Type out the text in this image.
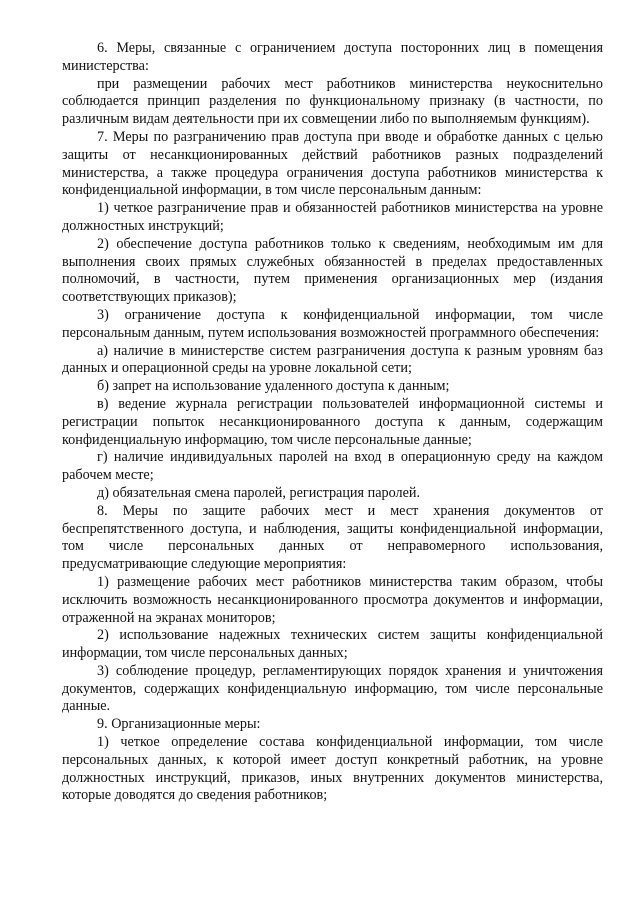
6. Меры, связанные с ограничением доступа посторонних лиц в помещения министерства:

при размещении рабочих мест работников министерства неукоснительно соблюдается принцип разделения по функциональному признаку (в частности, по различным видам деятельности при их совмещении либо по выполняемым функциям).

7. Меры по разграничению прав доступа при вводе и обработке данных с целью защиты от несанкционированных действий работников разных подразделений министерства, а также процедура ограничения доступа работников министерства к конфиденциальной информации, в том числе персональным данным:

1) четкое разграничение прав и обязанностей работников министерства на уровне должностных инструкций;

2) обеспечение доступа работников только к сведениям, необходимым им для выполнения своих прямых служебных обязанностей в пределах предоставленных полномочий, в частности, путем применения организационных мер (издания соответствующих приказов);

3) ограничение доступа к конфиденциальной информации, том числе персональным данным, путем использования возможностей программного обеспечения:

а) наличие в министерстве систем разграничения доступа к разным уровням баз данных и операционной среды на уровне локальной сети;

б) запрет на использование удаленного доступа к данным;

в) ведение журнала регистрации пользователей информационной системы и регистрации попыток несанкционированного доступа к данным, содержащим конфиденциальную информацию, том числе персональные данные;

г) наличие индивидуальных паролей на вход в операционную среду на каждом рабочем месте;

д) обязательная смена паролей, регистрация паролей.

8. Меры по защите рабочих мест и мест хранения документов от беспрепятственного доступа, и наблюдения, защиты конфиденциальной информации, том числе персональных данных от неправомерного использования, предусматривающие следующие мероприятия:

1) размещение рабочих мест работников министерства таким образом, чтобы исключить возможность несанкционированного просмотра документов и информации, отраженной на экранах мониторов;

2) использование надежных технических систем защиты конфиденциальной информации, том числе персональных данных;

3) соблюдение процедур, регламентирующих порядок хранения и уничтожения документов, содержащих конфиденциальную информацию, том числе персональные данные.

9. Организационные меры:

1) четкое определение состава конфиденциальной информации, том числе персональных данных, к которой имеет доступ конкретный работник, на уровне должностных инструкций, приказов, иных внутренних документов министерства, которые доводятся до сведения работников;
